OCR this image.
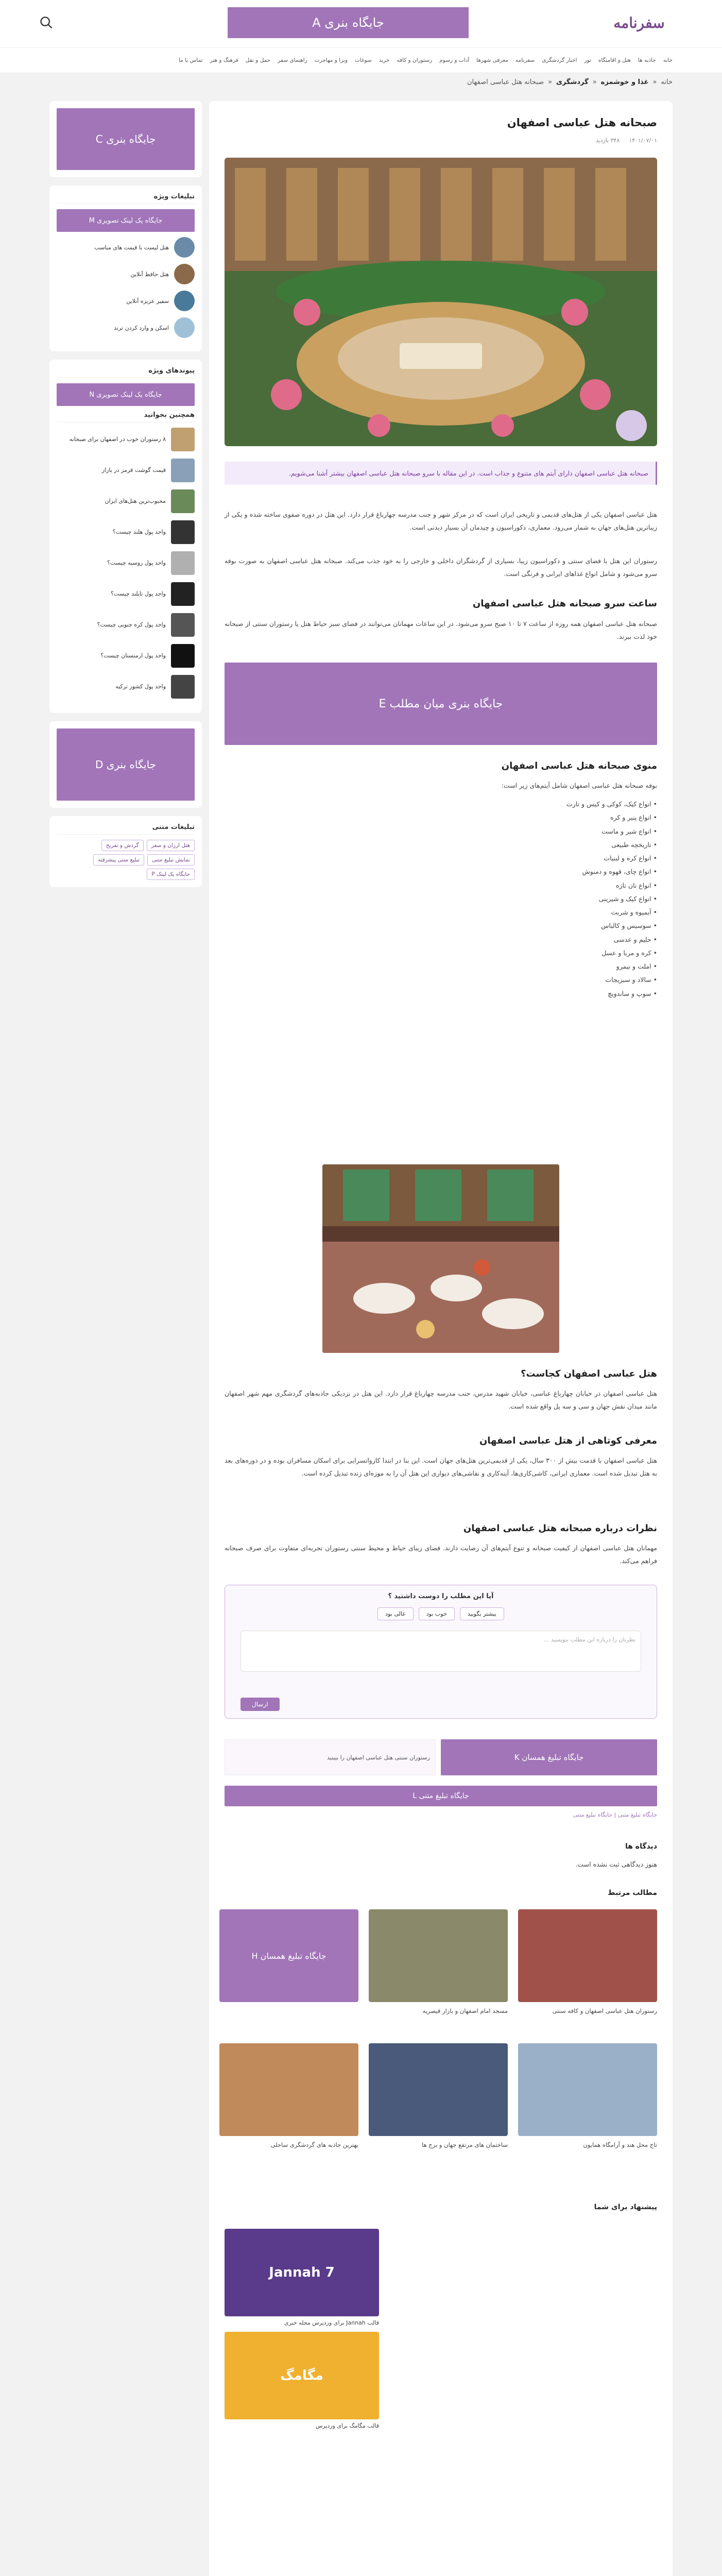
سفرنامه
جایگاه بنری A
خانه
جاذبه ها
هتل و اقامتگاه
تور
اخبار گردشگری
سفرنامه
معرفی شهرها
آداب و رسوم
رستوران و کافه
خرید
سوغات
ویزا و مهاجرت
راهنمای سفر
حمل و نقل
فرهنگ و هنر
تماس با ما
خانه
«
غذا و خوشمزه
«
گردشگری
«
صبحانه هتل عباسی اصفهان
صبحانه هتل عباسی اصفهان
۱۴۰۱/۰۷/۰۱
۳۴۸ بازدید
صبحانه هتل عباسی اصفهان دارای آیتم های متنوع و جذاب است. در این مقاله با سرو صبحانه هتل عباسی اصفهان بیشتر آشنا می‌شویم.
هتل عباسی اصفهان یکی از هتل‌های قدیمی و تاریخی ایران است که در مرکز شهر و جنب مدرسه چهارباغ قرار دارد. این هتل در دوره صفوی ساخته شده و یکی از زیباترین هتل‌های جهان به شمار می‌رود. معماری، دکوراسیون و چیدمان آن بسیار دیدنی است.
رستوران این هتل با فضای سنتی و دکوراسیون زیبا، بسیاری از گردشگران داخلی و خارجی را به خود جذب می‌کند. صبحانه هتل عباسی اصفهان به صورت بوفه سرو می‌شود و شامل انواع غذاهای ایرانی و فرنگی است.
ساعت سرو صبحانه هتل عباسی اصفهان
صبحانه هتل عباسی اصفهان همه روزه از ساعت ۷ تا ۱۰ صبح سرو می‌شود. در این ساعات مهمانان می‌توانند در فضای سبز حیاط هتل یا رستوران سنتی از صبحانه خود لذت ببرند.
جایگاه بنری میان مطلب E
منوی صبحانه هتل عباسی اصفهان
بوفه صبحانه هتل عباسی اصفهان شامل آیتم‌های زیر است:
• انواع کیک، کوکی و کیس و تارت
• انواع پنیر و کره
• انواع شیر و ماست
• تاریخچه طبیعی
• انواع کره و لبنیات
• انواع چای، قهوه و دمنوش
• انواع نان تازه
• انواع کیک و شیرینی
• آبمیوه و شربت
• سوسیس و کالباس
• حلیم و عدسی
• کره و مربا و عسل
• املت و نیمرو
• سالاد و سبزیجات
• سوپ و ساندویچ
هتل عباسی اصفهان کجاست؟
هتل عباسی اصفهان در خیابان چهارباغ عباسی، خیابان شهید مدرس، جنب مدرسه چهارباغ قرار دارد. این هتل در نزدیکی جاذبه‌های گردشگری مهم شهر اصفهان مانند میدان نقش جهان و سی و سه پل واقع شده است.
معرفی کوتاهی از هتل عباسی اصفهان
هتل عباسی اصفهان با قدمت بیش از ۳۰۰ سال، یکی از قدیمی‌ترین هتل‌های جهان است. این بنا در ابتدا کاروانسرایی برای اسکان مسافران بوده و در دوره‌های بعد به هتل تبدیل شده است. معماری ایرانی، کاشی‌کاری‌ها، آینه‌کاری و نقاشی‌های دیواری این هتل آن را به موزه‌ای زنده تبدیل کرده است.
نظرات درباره صبحانه هتل عباسی اصفهان
مهمانان هتل عباسی اصفهان از کیفیت صبحانه و تنوع آیتم‌های آن رضایت دارند. فضای زیبای حیاط و محیط سنتی رستوران تجربه‌ای متفاوت برای صرف صبحانه فراهم می‌کند.
آیا این مطلب را دوست داشتید ؟
بیشتر بگویید
خوب بود
عالی بود
نظرتان را درباره این مطلب بنویسید ...
ارسال
جایگاه تبلیغ همسان K
رستوران سنتی هتل عباسی اصفهان را ببینید
جایگاه تبلیغ متنی L
جایگاه تبلیغ متنی | جایگاه تبلیغ متنی
دیدگاه ها
هنوز دیدگاهی ثبت نشده است.
مطالب مرتبط
رستوران هتل عباسی اصفهان و کافه سنتی
مسجد امام اصفهان و بازار قیصریه
جایگاه تبلیغ همسان H
تاج محل هند و آرامگاه همایون
ساختمان های مرتفع جهان و برج ها
بهترین جاذبه های گردشگری ساحلی
پیشنهاد برای شما
7 Jannah
قالب Jannah برای وردپرس مجله خبری
مگامگ
قالب مگامگ برای وردپرس
جایگاه بنری C
تبلیغات ویژه
جایگاه یک لینک تصویری M
هتل لیست با قیمت های مناسب
هتل حافظ آنلاین
سفیر عزیزه آنلاین
اسکن و وارد کردن ترند
پیوندهای ویژه
جایگاه یک لینک تصویری N
همچنین بخوانید
۸ رستوران خوب در اصفهان برای صبحانه
قیمت گوشت قرمز در بازار
محبوب‌ترین هتل‌های ایران
واحد پول هلند چیست؟
واحد پول روسیه چیست؟
واحد پول تایلند چیست؟
واحد پول کره جنوبی چیست؟
واحد پول ارمنستان چیست؟
واحد پول کشور ترکیه
جایگاه بنری D
تبلیغات متنی
هتل ارزان و سفر
گردش و تفریح
نمایش تبلیغ متنی
تبلیغ متنی پیشرفته
جایگاه یک لینک P
